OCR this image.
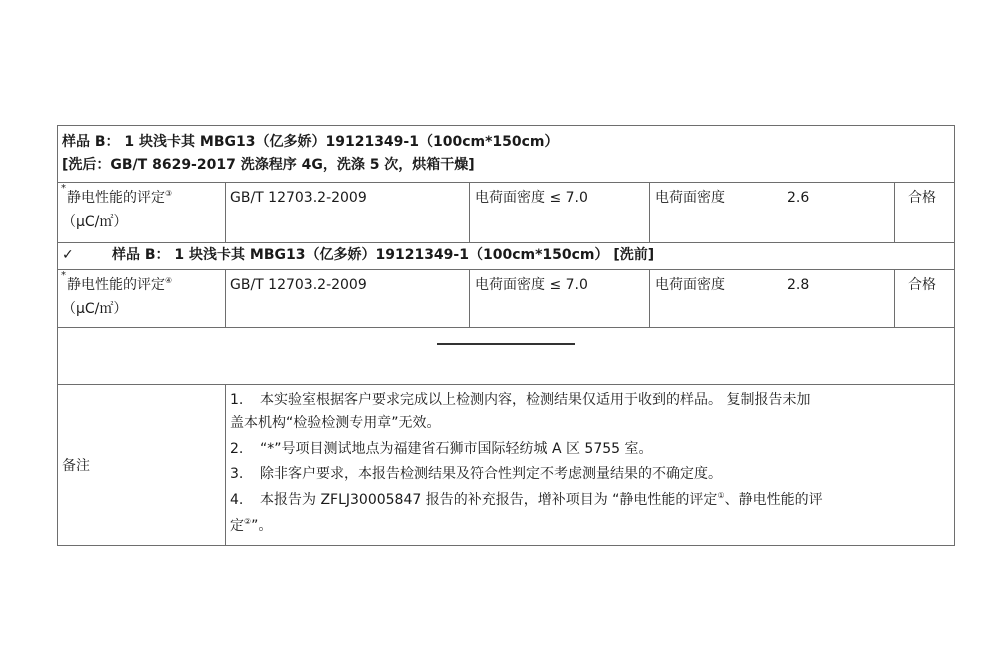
样品 B： 1 块浅卡其 MBG13（亿多娇）19121349-1（100cm*150cm）
[洗后：GB/T 8629-2017 洗涤程序 4G，洗涤 5 次，烘箱干燥]
*
静电性能的评定③
（μC/㎡）
GB/T 12703.2-2009	电荷面密度 ≤ 7.0	电荷面密度	2.6	合格
✓	样品 B： 1 块浅卡其 MBG13（亿多娇）19121349-1（100cm*150cm） [洗前]
*
静电性能的评定④
（μC/㎡）
GB/T 12703.2-2009	电荷面密度 ≤ 7.0	电荷面密度	2.8	合格
备注
1. 本实验室根据客户要求完成以上检测内容，检测结果仅适用于收到的样品。 复制报告未加
盖本机构“检验检测专用章”无效。
2. “*”号项目测试地点为福建省石狮市国际轻纺城 A 区 5755 室。
3. 除非客户要求，本报告检测结果及符合性判定不考虑测量结果的不确定度。
4. 本报告为 ZFLJ30005847 报告的补充报告，增补项目为 “静电性能的评定①、静电性能的评
定②”。
